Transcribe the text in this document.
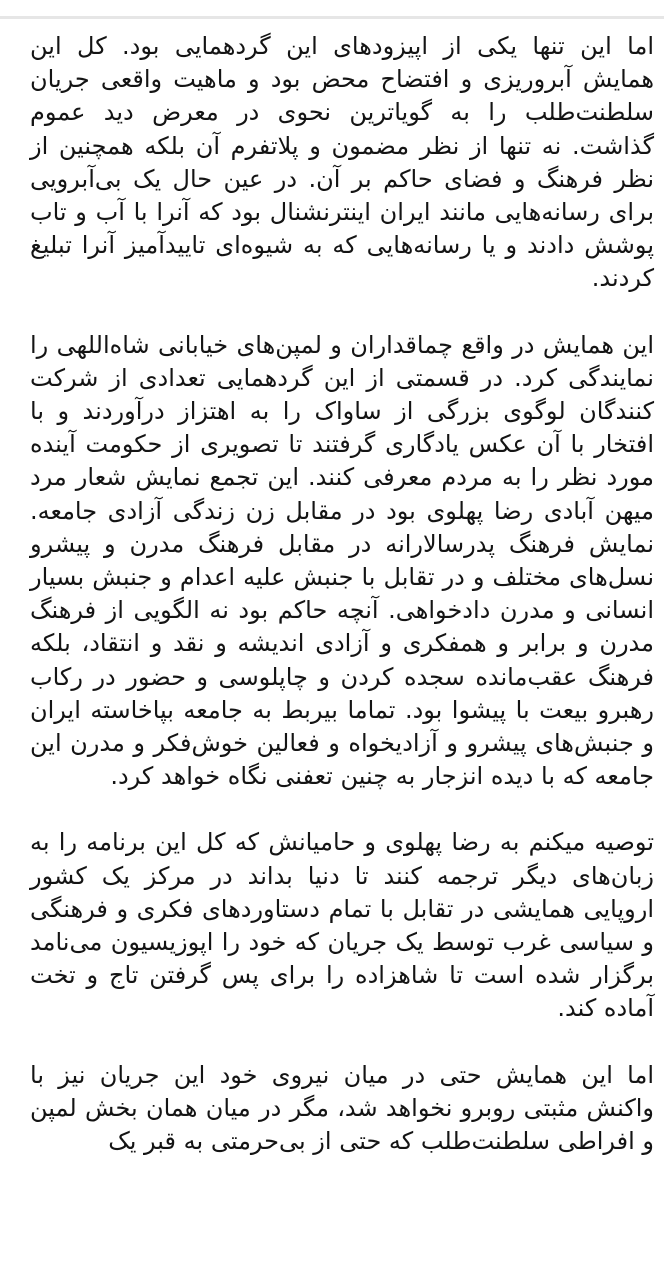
اما این تنها یکی از اپیزودهای این گردهمایی بود. کل این همایش آبروریزی و افتضاح محض بود و ماهیت واقعی جریان سلطنت‌طلب را به گویاترین نحوی در معرض دید عموم گذاشت. نه تنها از نظر مضمون و پلاتفرم آن بلکه همچنین از نظر فرهنگ و فضای حاکم بر آن. در عین حال یک بی‌آبرویی برای رسانه‌هایی مانند ایران اینترنشنال بود که آنرا با آب و تاب پوشش دادند و یا رسانه‌هایی که به شیوه‌ای تاییدآمیز آنرا تبلیغ کردند.

این همایش در واقع چماقداران و لمپن‌های خیابانی شاه‌اللهی را نمایندگی کرد. در قسمتی از این گردهمایی تعدادی از شرکت کنندگان لوگوی بزرگی از ساواک را به اهتزاز درآوردند و با افتخار با آن عکس یادگاری گرفتند تا تصویری از حکومت آینده مورد نظر را به مردم معرفی کنند. این تجمع نمایش شعار مرد میهن آبادی رضا پهلوی بود در مقابل زن زندگی آزادی جامعه. نمایش فرهنگ پدرسالارانه در مقابل فرهنگ مدرن و پیشرو نسل‌های مختلف و در تقابل با جنبش علیه اعدام و جنبش بسیار انسانی و مدرن دادخواهی. آنچه حاکم بود نه الگویی از فرهنگ مدرن و برابر و همفکری و آزادی اندیشه و نقد و انتقاد، بلکه فرهنگ عقب‌مانده سجده کردن و چاپلوسی و حضور در رکاب رهبرو بیعت با پیشوا بود. تماما بیربط به جامعه بپاخاسته ایران و جنبش‌های پیشرو و آزادیخواه و فعالین خوش‌فکر و مدرن این جامعه که با دیده انزجار به چنین تعفنی نگاه خواهد کرد.

توصیه میکنم به رضا پهلوی و حامیانش که کل این برنامه را به زبان‌های دیگر ترجمه کنند تا دنیا بداند در مرکز یک کشور اروپایی همایشی در تقابل با تمام دستاوردهای فکری و فرهنگی و سیاسی غرب توسط یک جریان که خود را اپوزیسیون می‌نامد برگزار شده است تا شاهزاده را برای پس گرفتن تاج و تخت آماده کند.

اما این همایش حتی در میان نیروی خود این جریان نیز با واکنش مثبتی روبرو نخواهد شد، مگر در میان همان بخش لمپن و افراطی سلطنت‌طلب که حتی از بی‌حرمتی به قبر یک
